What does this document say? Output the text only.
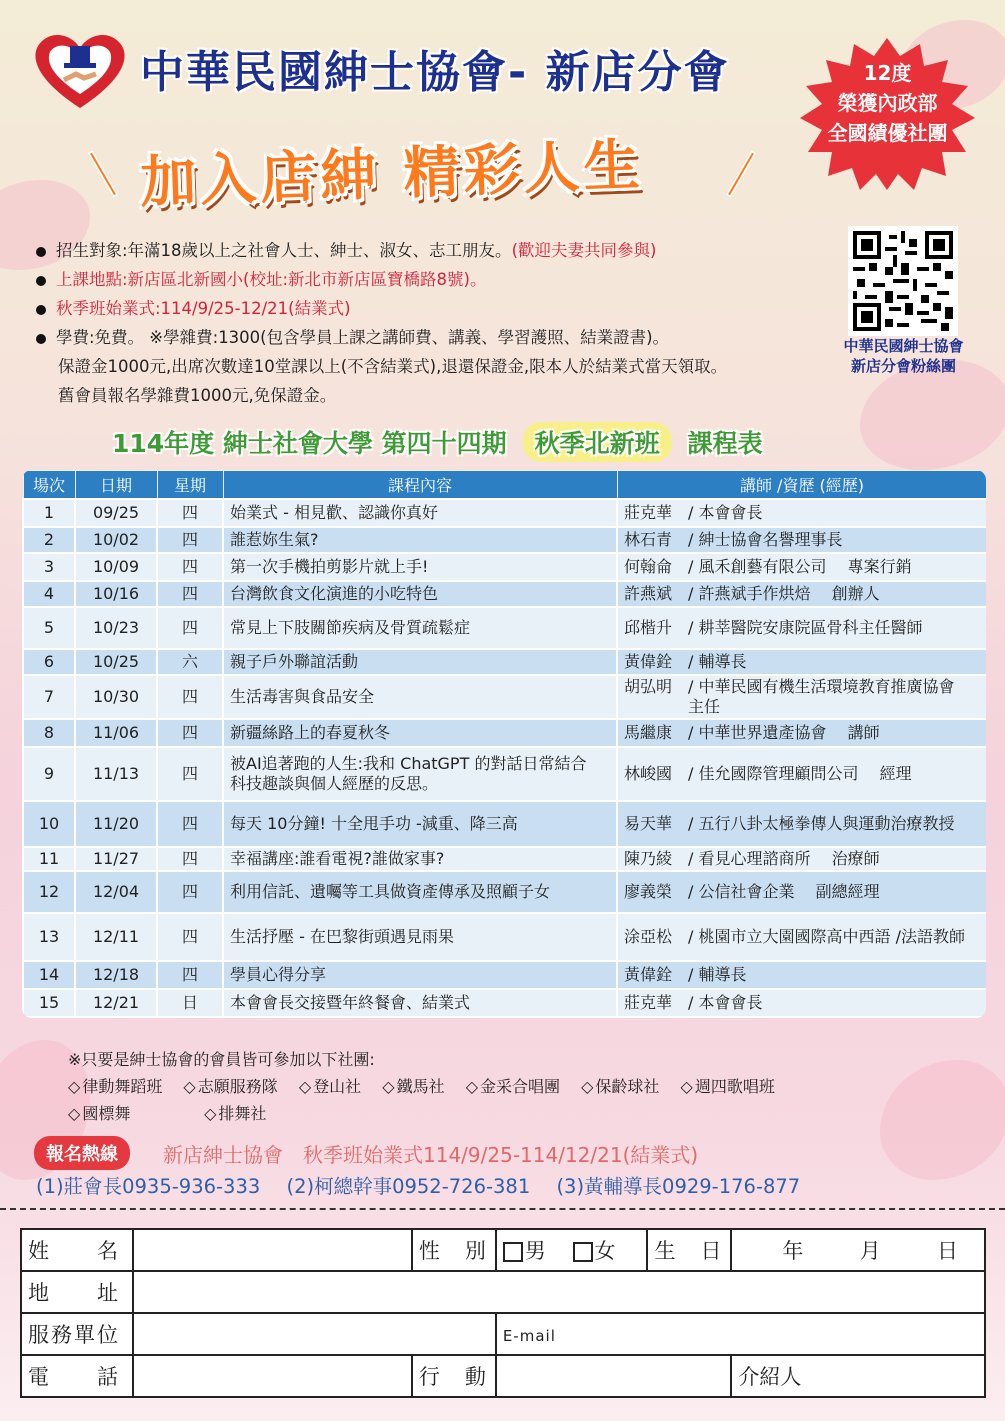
中華民國紳士協會- 新店分會	12度
榮獲內政部
全國績優社團
加入店紳 精彩人生
招生對象:年滿18歲以上之社會人士、紳士、淑女、志工朋友。(歡迎夫妻共同參與)
上課地點:新店區北新國小(校址:新北市新店區寶橋路8號)。
秋季班始業式:114/9/25-12/21(結業式)
學費:免費。 ※學雜費:1300(包含學員上課之講師費、講義、學習護照、結業證書)。
保證金1000元,出席次數達10堂課以上(不含結業式),退還保證金,限本人於結業式當天領取。
舊會員報名學雜費1000元,免保證金。
中華民國紳士協會
新店分會粉絲團
114年度 紳士社會大學 第四十四期 秋季北新班 課程表
場次	日期	星期	課程內容	講師 /資歷 (經歷)
1	09/25	四	始業式 - 相見歡、認識你真好	莊克華 / 本會會長
2	10/02	四	誰惹妳生氣?	林石青 / 紳士協會名譽理事長
3	10/09	四	第一次手機拍剪影片就上手!	何翰侖 / 風禾創藝有限公司　 專案行銷
4	10/16	四	台灣飲食文化演進的小吃特色	許燕斌 / 許燕斌手作烘焙　 創辦人
5	10/23	四	常見上下肢關節疾病及骨質疏鬆症	邱楷升 / 耕莘醫院安康院區骨科主任醫師
6	10/25	六	親子戶外聯誼活動	黃偉銓 / 輔導長
7	10/30	四	生活毒害與食品安全	胡弘明 / 中華民國有機生活環境教育推廣協會　 主任
8	11/06	四	新疆絲路上的春夏秋冬	馬繼康 / 中華世界遺產協會　 講師
9	11/13	四	被AI追著跑的人生:我和 ChatGPT 的對話日常結合科技趣談與個人經歷的反思。	林峻國 / 佳允國際管理顧問公司　 經理
10	11/20	四	每天 10分鐘! 十全甩手功 -減重、降三高	易天華 / 五行八卦太極拳傳人與運動治療教授
11	11/27	四	幸福講座:誰看電視?誰做家事?	陳乃綾 / 看見心理諮商所　 治療師
12	12/04	四	利用信託、遺囑等工具做資產傳承及照顧子女	廖義榮 / 公信社會企業　 副總經理
13	12/11	四	生活抒壓 - 在巴黎街頭遇見雨果	涂亞松 / 桃園市立大園國際高中西語 /法語教師
14	12/18	四	學員心得分享	黃偉銓 / 輔導長
15	12/21	日	本會會長交接暨年終餐會、結業式	莊克華 / 本會會長
※只要是紳士協會的會員皆可參加以下社團:
◇ 律動舞蹈班 ◇ 志願服務隊 ◇ 登山社 ◇ 鐵馬社 ◇ 金采合唱團 ◇ 保齡球社 ◇ 週四歌唱班
◇ 國標舞	◇ 排舞社
報名熱線	新店紳士協會　秋季班始業式114/9/25-114/12/21(結業式)
(1)莊會長0935-936-333 (2)柯總幹事0952-726-381 (3)黃輔導長0929-176-877
姓　　名		性　別	男 女	生　日	年 月 日

地　　址					
服務單位			E-mail		
電　　話		行　動			介紹人
